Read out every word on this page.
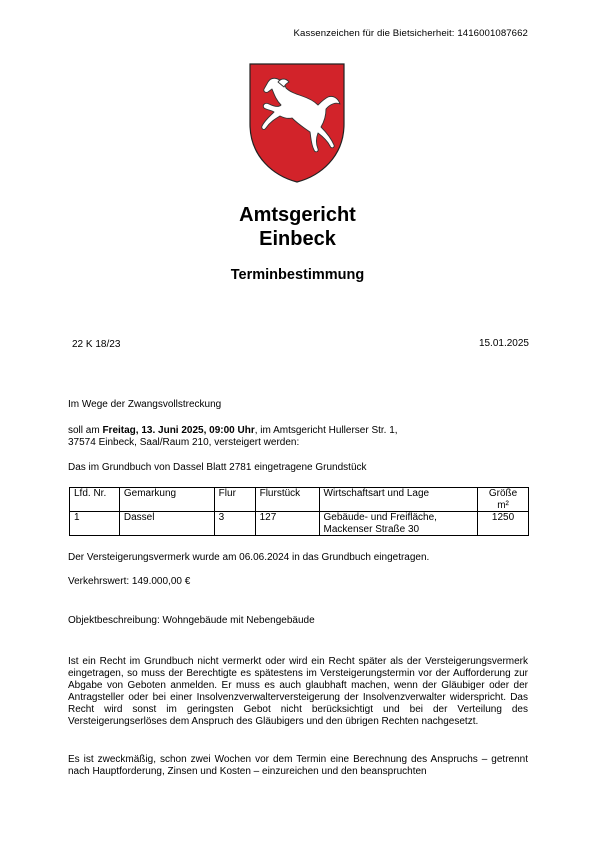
Kassenzeichen für die Bietsicherheit: 1416001087662
Amtsgericht
Einbeck
Terminbestimmung
22 K 18/23	15.01.2025
Im Wege der Zwangsvollstreckung
soll am Freitag, 13. Juni 2025, 09:00 Uhr, im Amtsgericht Hullerser Str. 1,
37574 Einbeck, Saal/Raum 210, versteigert werden:
Das im Grundbuch von Dassel Blatt 2781 eingetragene Grundstück
Lfd. Nr.	Gemarkung	Flur	Flurstück	Wirtschaftsart und Lage	Größe m²
1	Dassel	3	127	Gebäude- und Freifläche, Mackenser Straße 30	1250
Der Versteigerungsvermerk wurde am 06.06.2024 in das Grundbuch eingetragen.
Verkehrswert: 149.000,00 €
Objektbeschreibung: Wohngebäude mit Nebengebäude
Ist ein Recht im Grundbuch nicht vermerkt oder wird ein Recht später als der Versteigerungsvermerk eingetragen, so muss der Berechtigte es spätestens im Versteigerungstermin vor der Aufforderung zur Abgabe von Geboten anmelden. Er muss es auch glaubhaft machen, wenn der Gläubiger oder der Antragsteller oder bei einer Insolvenzverwalterversteigerung der Insolvenzverwalter widerspricht. Das Recht wird sonst im geringsten Gebot nicht berücksichtigt und bei der Verteilung des Versteigerungserlöses dem Anspruch des Gläubigers und den übrigen Rechten nachgesetzt.
Es ist zweckmäßig, schon zwei Wochen vor dem Termin eine Berechnung des Anspruchs – getrennt nach Hauptforderung, Zinsen und Kosten – einzureichen und den beanspruchten
